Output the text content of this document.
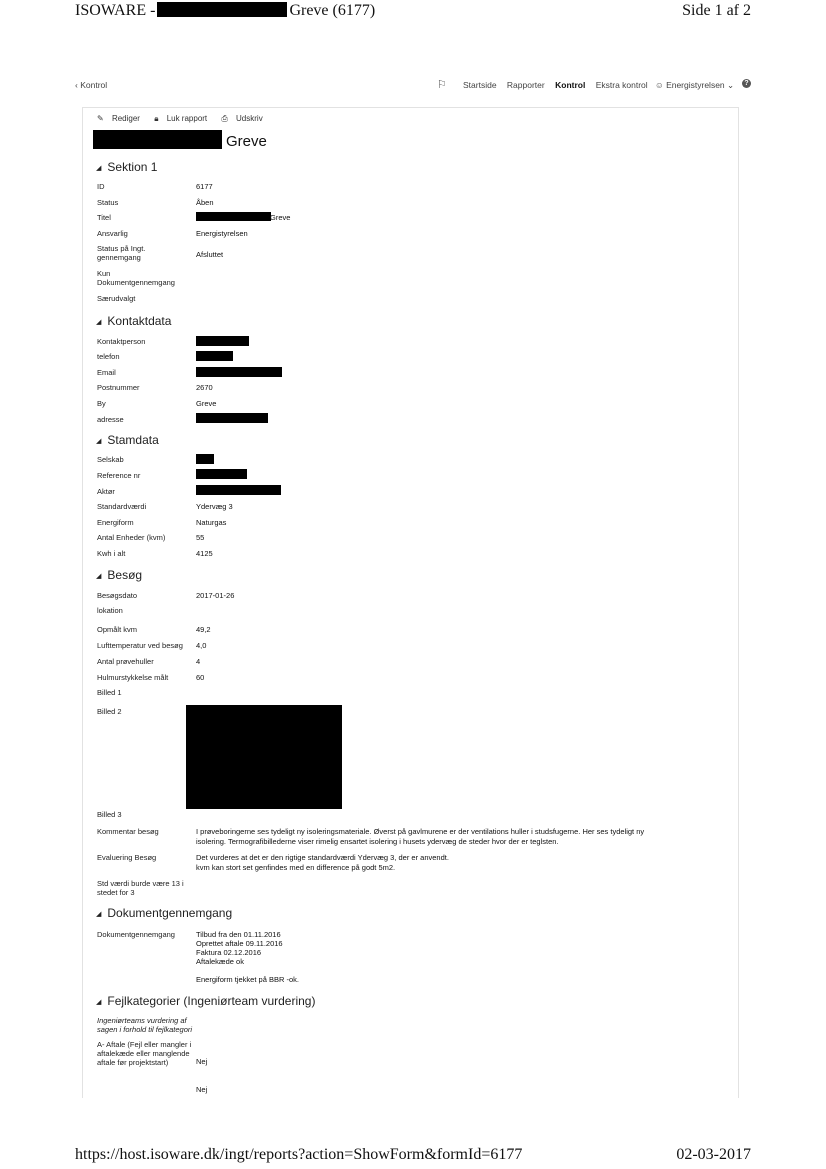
ISOWARE -	Greve (6177)	Side 1 af 2
‹ Kontrol	⚐ Startside Rapporter Kontrol Ekstra kontrol ☺ Energistyrelsen ⌄	?
✎ Rediger 🔒︎ Luk rapport ⎙ Udskriv
Greve
◢ Sektion 1
ID	6177
Status	Åben
Titel	Greve
Ansvarlig	Energistyrelsen
Status på Ingt. gennemgang	Afsluttet
Kun Dokumentgennemgang
Særudvalgt
◢ Kontaktdata
Kontaktperson
telefon
Email
Postnummer	2670
By	Greve
adresse
◢ Stamdata
Selskab
Reference nr
Aktør
Standardværdi	Ydervæg 3
Energiform	Naturgas
Antal Enheder (kvm)	55
Kwh i alt	4125
◢ Besøg
Besøgsdato	2017-01-26
lokation
Opmålt kvm	49,2
Lufttemperatur ved besøg	4,0
Antal prøvehuller	4
Hulmurstykkelse målt	60
Billed 1
Billed 2
Billed 3
Kommentar besøg	I prøveboringerne ses tydeligt ny isoleringsmateriale. Øverst på gavlmurene er der ventilations huller i studsfugerne. Her ses tydeligt ny
isolering. Termografibillederne viser rimelig ensartet isolering i husets ydervæg de steder hvor der er teglsten.
Evaluering Besøg	Det vurderes at det er den rigtige standardværdi Ydervæg 3, der er anvendt.
kvm kan stort set genfindes med en difference på godt 5m2.
Std værdi burde være 13 i stedet for 3
◢ Dokumentgennemgang
Dokumentgennemgang	Tilbud fra den 01.11.2016
Oprettet aftale 09.11.2016
Faktura 02.12.2016
Aftalekæde ok
Energiform tjekket på BBR -ok.
◢ Fejlkategorier (Ingeniørteam vurdering)
Ingeniørteams vurdering af sagen i forhold til fejlkategori
A- Aftale (Fejl eller mangler i aftalekæde eller manglende aftale før projektstart)	Nej
Nej
https://host.isoware.dk/ingt/reports?action=ShowForm&formId=6177	02-03-2017
